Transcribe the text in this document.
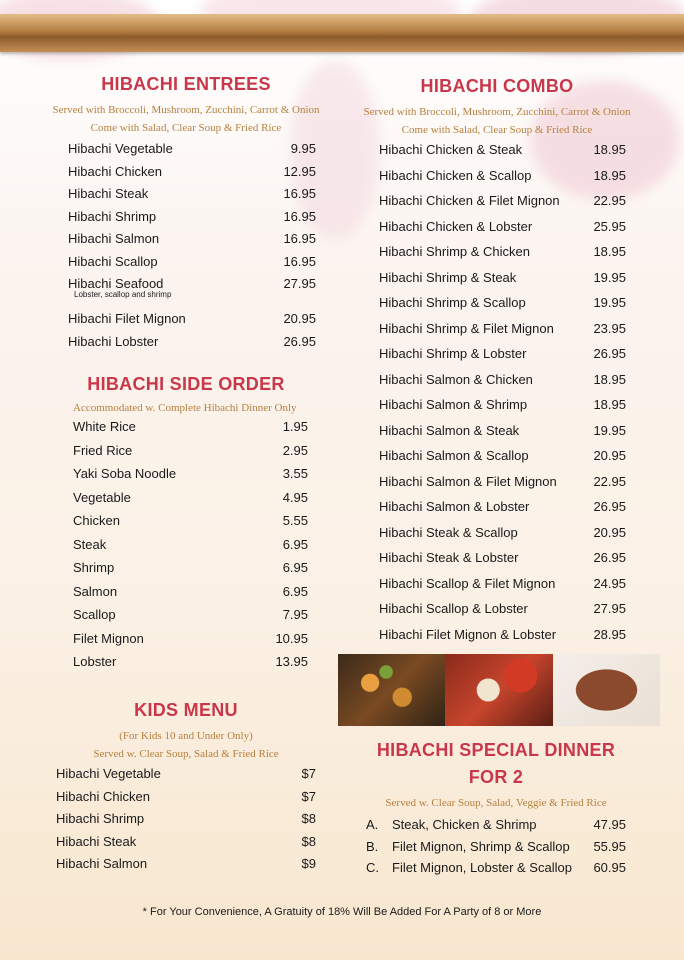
HIBACHI ENTREES

Served with Broccoli, Mushroom, Zucchini, Carrot & Onion

Come with Salad, Clear Soup & Fried Rice

Hibachi Vegetable	9.95
Hibachi Chicken	12.95
Hibachi Steak	16.95
Hibachi Shrimp	16.95
Hibachi Salmon	16.95
Hibachi Scallop	16.95
Hibachi Seafood	27.95
Lobster, scallop and shrimp
Hibachi Filet Mignon	20.95
Hibachi Lobster	26.95
HIBACHI SIDE ORDER

Accommodated w. Complete Hibachi Dinner Only

White Rice	1.95
Fried Rice	2.95
Yaki Soba Noodle	3.55
Vegetable	4.95
Chicken	5.55
Steak	6.95
Shrimp	6.95
Salmon	6.95
Scallop	7.95
Filet Mignon	10.95
Lobster	13.95
KIDS MENU

(For Kids 10 and Under Only)

Served w. Clear Soup, Salad & Fried Rice

Hibachi Vegetable	$7
Hibachi Chicken	$7
Hibachi Shrimp	$8
Hibachi Steak	$8
Hibachi Salmon	$9
HIBACHI COMBO

Served with Broccoli, Mushroom, Zucchini, Carrot & Onion

Come with Salad, Clear Soup & Fried Rice

Hibachi Chicken & Steak	18.95
Hibachi Chicken & Scallop	18.95
Hibachi Chicken & Filet Mignon	22.95
Hibachi Chicken & Lobster	25.95
Hibachi Shrimp & Chicken	18.95
Hibachi Shrimp & Steak	19.95
Hibachi Shrimp & Scallop	19.95
Hibachi Shrimp & Filet Mignon	23.95
Hibachi Shrimp & Lobster	26.95
Hibachi Salmon & Chicken	18.95
Hibachi Salmon & Shrimp	18.95
Hibachi Salmon & Steak	19.95
Hibachi Salmon & Scallop	20.95
Hibachi Salmon & Filet Mignon	22.95
Hibachi Salmon & Lobster	26.95
Hibachi Steak & Scallop	20.95
Hibachi Steak & Lobster	26.95
Hibachi Scallop & Filet Mignon	24.95
Hibachi Scallop & Lobster	27.95
Hibachi Filet Mignon & Lobster	28.95
HIBACHI SPECIAL DINNER
FOR 2

Served w. Clear Soup, Salad, Veggie & Fried Rice

A.	Steak, Chicken & Shrimp	47.95
B.	Filet Mignon, Shrimp & Scallop	55.95
C.	Filet Mignon, Lobster & Scallop	60.95
* For Your Convenience, A Gratuity of 18% Will Be Added For A Party of 8 or More
